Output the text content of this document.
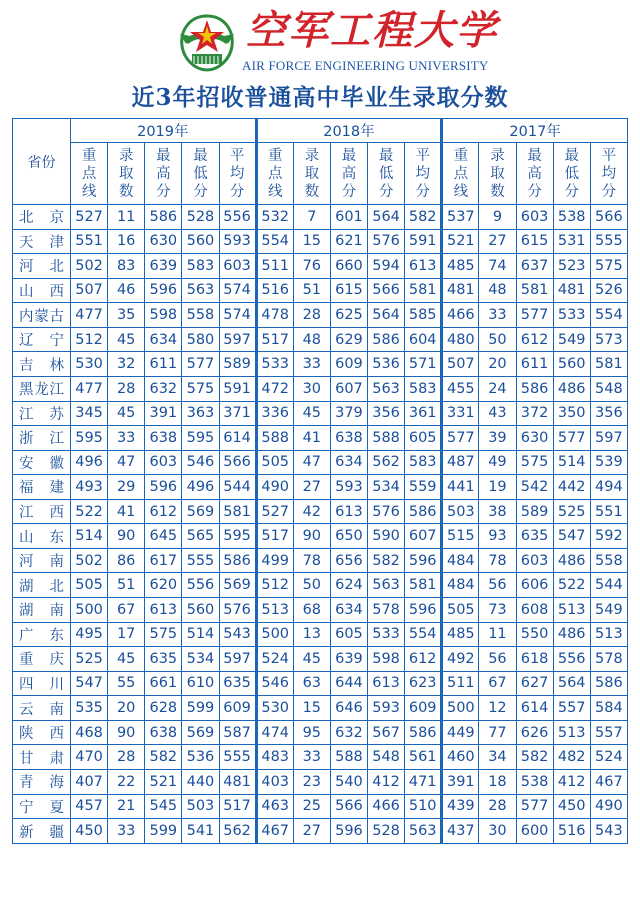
空军工程大学
AIR FORCE ENGINEERING UNIVERSITY
近3年招收普通高中毕业生录取分数
省份	2019年					2018年					2017年				
	重点线	录取数	最高分	最低分	平均分	重点线	录取数	最高分	最低分	平均分	重点线	录取数	最高分	最低分	平均分
北 京	527	11	586	528	556	532	7	601	564	582	537	9	603	538	566
天 津	551	16	630	560	593	554	15	621	576	591	521	27	615	531	555
河 北	502	83	639	583	603	511	76	660	594	613	485	74	637	523	575
山 西	507	46	596	563	574	516	51	615	566	581	481	48	581	481	526
内蒙古	477	35	598	558	574	478	28	625	564	585	466	33	577	533	554
辽 宁	512	45	634	580	597	517	48	629	586	604	480	50	612	549	573
吉 林	530	32	611	577	589	533	33	609	536	571	507	20	611	560	581
黑龙江	477	28	632	575	591	472	30	607	563	583	455	24	586	486	548
江 苏	345	45	391	363	371	336	45	379	356	361	331	43	372	350	356
浙 江	595	33	638	595	614	588	41	638	588	605	577	39	630	577	597
安 徽	496	47	603	546	566	505	47	634	562	583	487	49	575	514	539
福 建	493	29	596	496	544	490	27	593	534	559	441	19	542	442	494
江 西	522	41	612	569	581	527	42	613	576	586	503	38	589	525	551
山 东	514	90	645	565	595	517	90	650	590	607	515	93	635	547	592
河 南	502	86	617	555	586	499	78	656	582	596	484	78	603	486	558
湖 北	505	51	620	556	569	512	50	624	563	581	484	56	606	522	544
湖 南	500	67	613	560	576	513	68	634	578	596	505	73	608	513	549
广 东	495	17	575	514	543	500	13	605	533	554	485	11	550	486	513
重 庆	525	45	635	534	597	524	45	639	598	612	492	56	618	556	578
四 川	547	55	661	610	635	546	63	644	613	623	511	67	627	564	586
云 南	535	20	628	599	609	530	15	646	593	609	500	12	614	557	584
陕 西	468	90	638	569	587	474	95	632	567	586	449	77	626	513	557
甘 肃	470	28	582	536	555	483	33	588	548	561	460	34	582	482	524
青 海	407	22	521	440	481	403	23	540	412	471	391	18	538	412	467
宁 夏	457	21	545	503	517	463	25	566	466	510	439	28	577	450	490
新 疆	450	33	599	541	562	467	27	596	528	563	437	30	600	516	543
